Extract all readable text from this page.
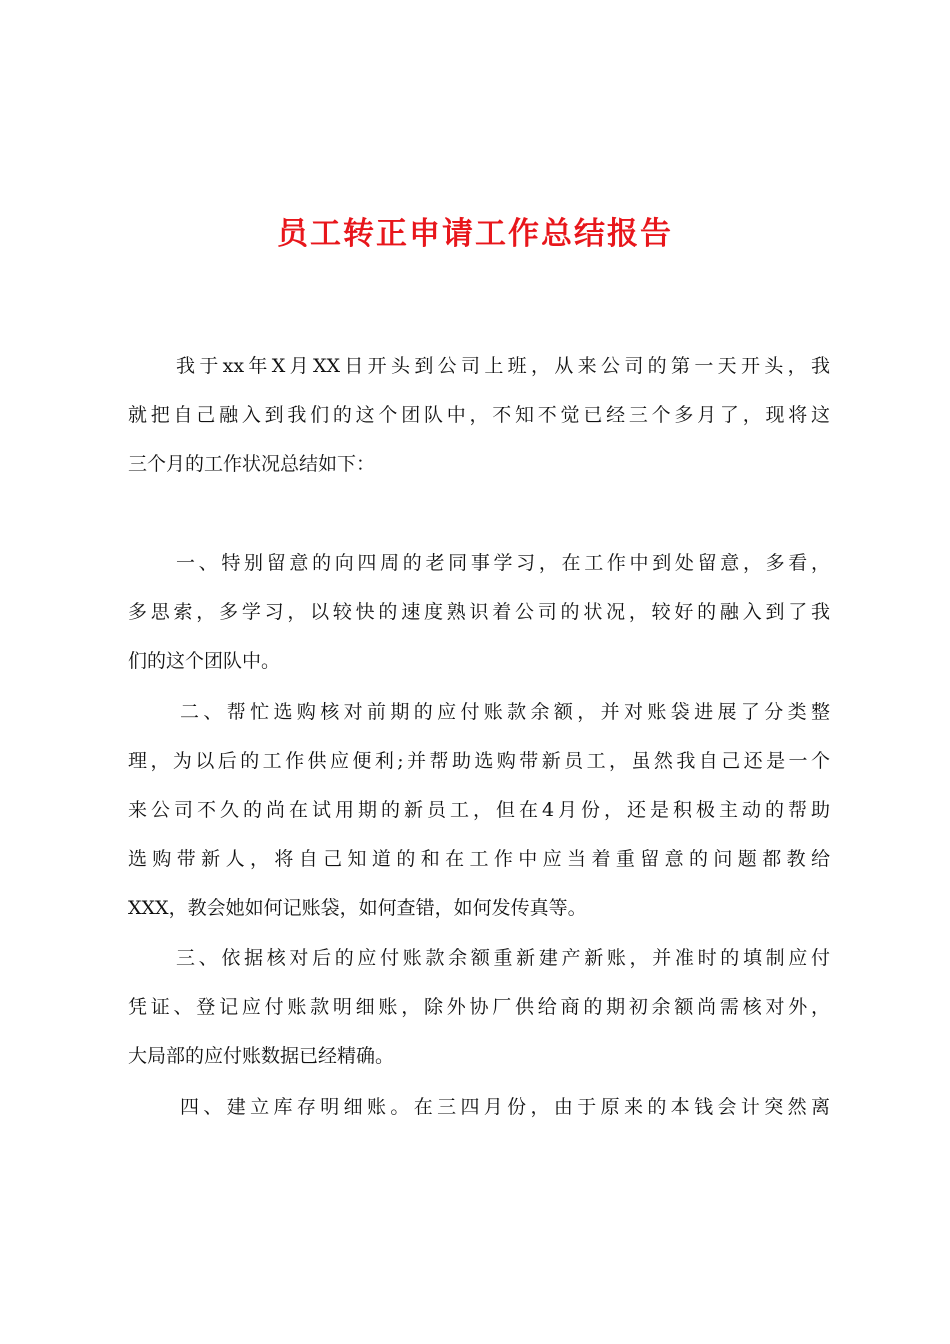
员工转正申请工作总结报告
我于xx年X月XX日开头到公司上班，从来公司的第一天开头，我
就把自己融入到我们的这个团队中，不知不觉已经三个多月了，现将这
三个月的工作状况总结如下：
一、特别留意的向四周的老同事学习，在工作中到处留意，多看，
多思索，多学习，以较快的速度熟识着公司的状况，较好的融入到了我
们的这个团队中。
二、帮忙选购核对前期的应付账款余额，并对账袋进展了分类整
理，为以后的工作供应便利;并帮助选购带新员工，虽然我自己还是一个
来公司不久的尚在试用期的新员工，但在4月份，还是积极主动的帮助
选购带新人，将自己知道的和在工作中应当着重留意的问题都教给
XXX，教会她如何记账袋，如何查错，如何发传真等。
三、依据核对后的应付账款余额重新建产新账，并准时的填制应付
凭证、登记应付账款明细账，除外协厂供给商的期初余额尚需核对外，
大局部的应付账数据已经精确。
四、建立库存明细账。在三四月份，由于原来的本钱会计突然离
